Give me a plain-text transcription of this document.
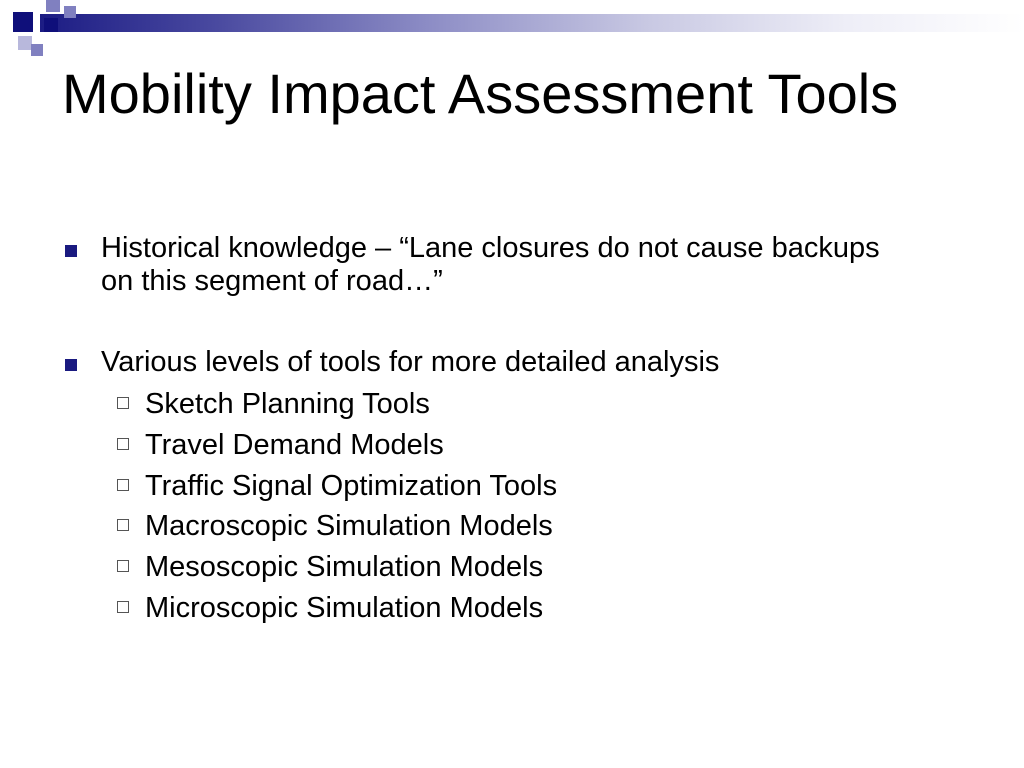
Mobility Impact Assessment Tools
Historical knowledge – “Lane closures do not cause backups on this segment of road…”
Various levels of tools for more detailed analysis
Sketch Planning Tools
Travel Demand Models
Traffic Signal Optimization Tools
Macroscopic Simulation Models
Mesoscopic Simulation Models
Microscopic Simulation Models
